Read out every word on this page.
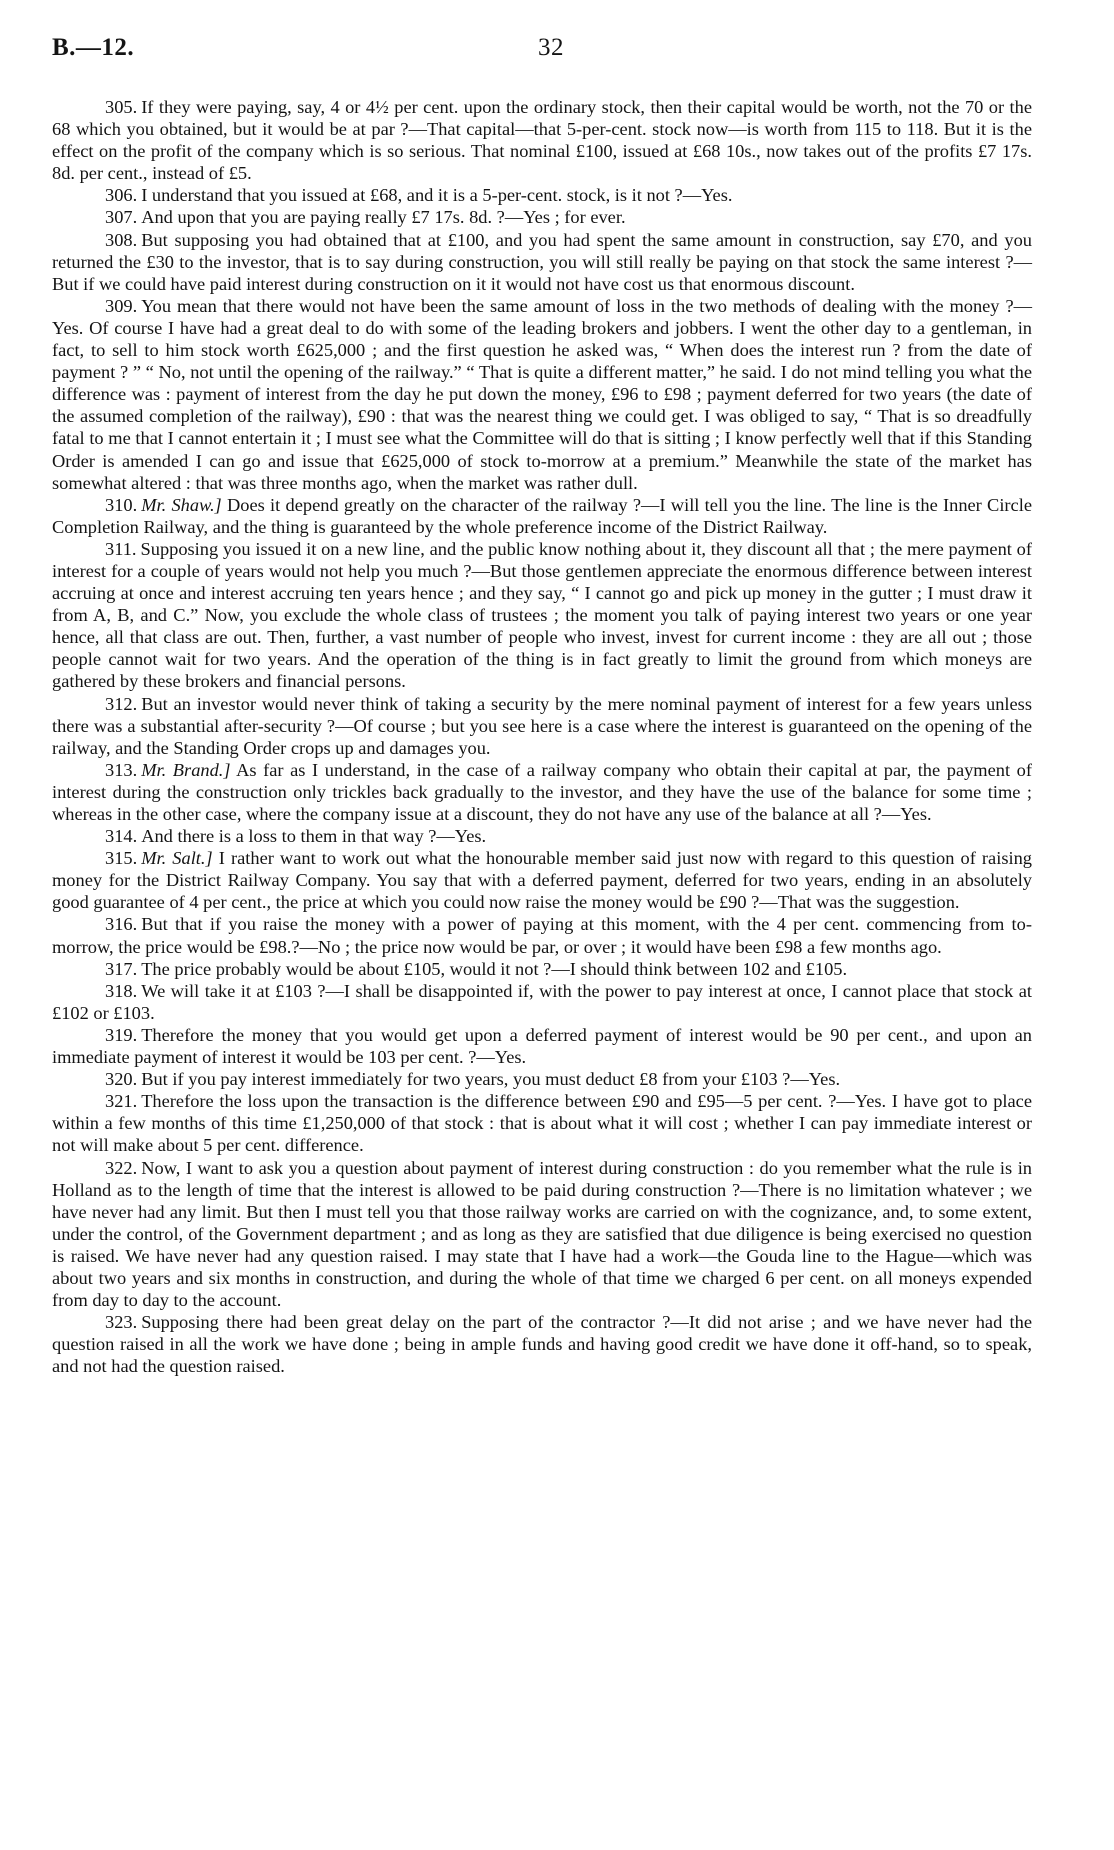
B.—12.	32

305. If they were paying, say, 4 or 4½ per cent. upon the ordinary stock, then their capital would be worth, not the 70 or the 68 which you obtained, but it would be at par ?—That capital—that 5-per-cent. stock now—is worth from 115 to 118. But it is the effect on the profit of the company which is so serious. That nominal £100, issued at £68 10s., now takes out of the profits £7 17s. 8d. per cent., instead of £5.

306. I understand that you issued at £68, and it is a 5-per-cent. stock, is it not ?—Yes.

307. And upon that you are paying really £7 17s. 8d. ?—Yes ; for ever.

308. But supposing you had obtained that at £100, and you had spent the same amount in construction, say £70, and you returned the £30 to the investor, that is to say during construction, you will still really be paying on that stock the same interest ?—But if we could have paid interest during construction on it it would not have cost us that enormous discount.

309. You mean that there would not have been the same amount of loss in the two methods of dealing with the money ?—Yes. Of course I have had a great deal to do with some of the leading brokers and jobbers. I went the other day to a gentleman, in fact, to sell to him stock worth £625,000 ; and the first question he asked was, “ When does the interest run ? from the date of payment ? ” “ No, not until the opening of the railway.” “ That is quite a different matter,” he said. I do not mind telling you what the difference was : payment of interest from the day he put down the money, £96 to £98 ; payment deferred for two years (the date of the assumed completion of the railway), £90 : that was the nearest thing we could get. I was obliged to say, “ That is so dreadfully fatal to me that I cannot entertain it ; I must see what the Committee will do that is sitting ; I know perfectly well that if this Standing Order is amended I can go and issue that £625,000 of stock to-morrow at a premium.” Meanwhile the state of the market has somewhat altered : that was three months ago, when the market was rather dull.

310. Mr. Shaw.] Does it depend greatly on the character of the railway ?—I will tell you the line. The line is the Inner Circle Completion Railway, and the thing is guaranteed by the whole preference income of the District Railway.

311. Supposing you issued it on a new line, and the public know nothing about it, they discount all that ; the mere payment of interest for a couple of years would not help you much ?—But those gentlemen appreciate the enormous difference between interest accruing at once and interest accruing ten years hence ; and they say, “ I cannot go and pick up money in the gutter ; I must draw it from A, B, and C.” Now, you exclude the whole class of trustees ; the moment you talk of paying interest two years or one year hence, all that class are out. Then, further, a vast number of people who invest, invest for current income : they are all out ; those people cannot wait for two years. And the operation of the thing is in fact greatly to limit the ground from which moneys are gathered by these brokers and financial persons.

312. But an investor would never think of taking a security by the mere nominal payment of interest for a few years unless there was a substantial after-security ?—Of course ; but you see here is a case where the interest is guaranteed on the opening of the railway, and the Standing Order crops up and damages you.

313. Mr. Brand.] As far as I understand, in the case of a railway company who obtain their capital at par, the payment of interest during the construction only trickles back gradually to the investor, and they have the use of the balance for some time ; whereas in the other case, where the company issue at a discount, they do not have any use of the balance at all ?—Yes.

314. And there is a loss to them in that way ?—Yes.

315. Mr. Salt.] I rather want to work out what the honourable member said just now with regard to this question of raising money for the District Railway Company. You say that with a deferred payment, deferred for two years, ending in an absolutely good guarantee of 4 per cent., the price at which you could now raise the money would be £90 ?—That was the suggestion.

316. But that if you raise the money with a power of paying at this moment, with the 4 per cent. commencing from to-morrow, the price would be £98.?—No ; the price now would be par, or over ; it would have been £98 a few months ago.

317. The price probably would be about £105, would it not ?—I should think between 102 and £105.

318. We will take it at £103 ?—I shall be disappointed if, with the power to pay interest at once, I cannot place that stock at £102 or £103.

319. Therefore the money that you would get upon a deferred payment of interest would be 90 per cent., and upon an immediate payment of interest it would be 103 per cent. ?—Yes.

320. But if you pay interest immediately for two years, you must deduct £8 from your £103 ?—Yes.

321. Therefore the loss upon the transaction is the difference between £90 and £95—5 per cent. ?—Yes. I have got to place within a few months of this time £1,250,000 of that stock : that is about what it will cost ; whether I can pay immediate interest or not will make about 5 per cent. difference.

322. Now, I want to ask you a question about payment of interest during construction : do you remember what the rule is in Holland as to the length of time that the interest is allowed to be paid during construction ?—There is no limitation whatever ; we have never had any limit. But then I must tell you that those railway works are carried on with the cognizance, and, to some extent, under the control, of the Government department ; and as long as they are satisfied that due diligence is being exercised no question is raised. We have never had any question raised. I may state that I have had a work—the Gouda line to the Hague—which was about two years and six months in construction, and during the whole of that time we charged 6 per cent. on all moneys expended from day to day to the account.

323. Supposing there had been great delay on the part of the contractor ?—It did not arise ; and we have never had the question raised in all the work we have done ; being in ample funds and having good credit we have done it off-hand, so to speak, and not had the question raised.
